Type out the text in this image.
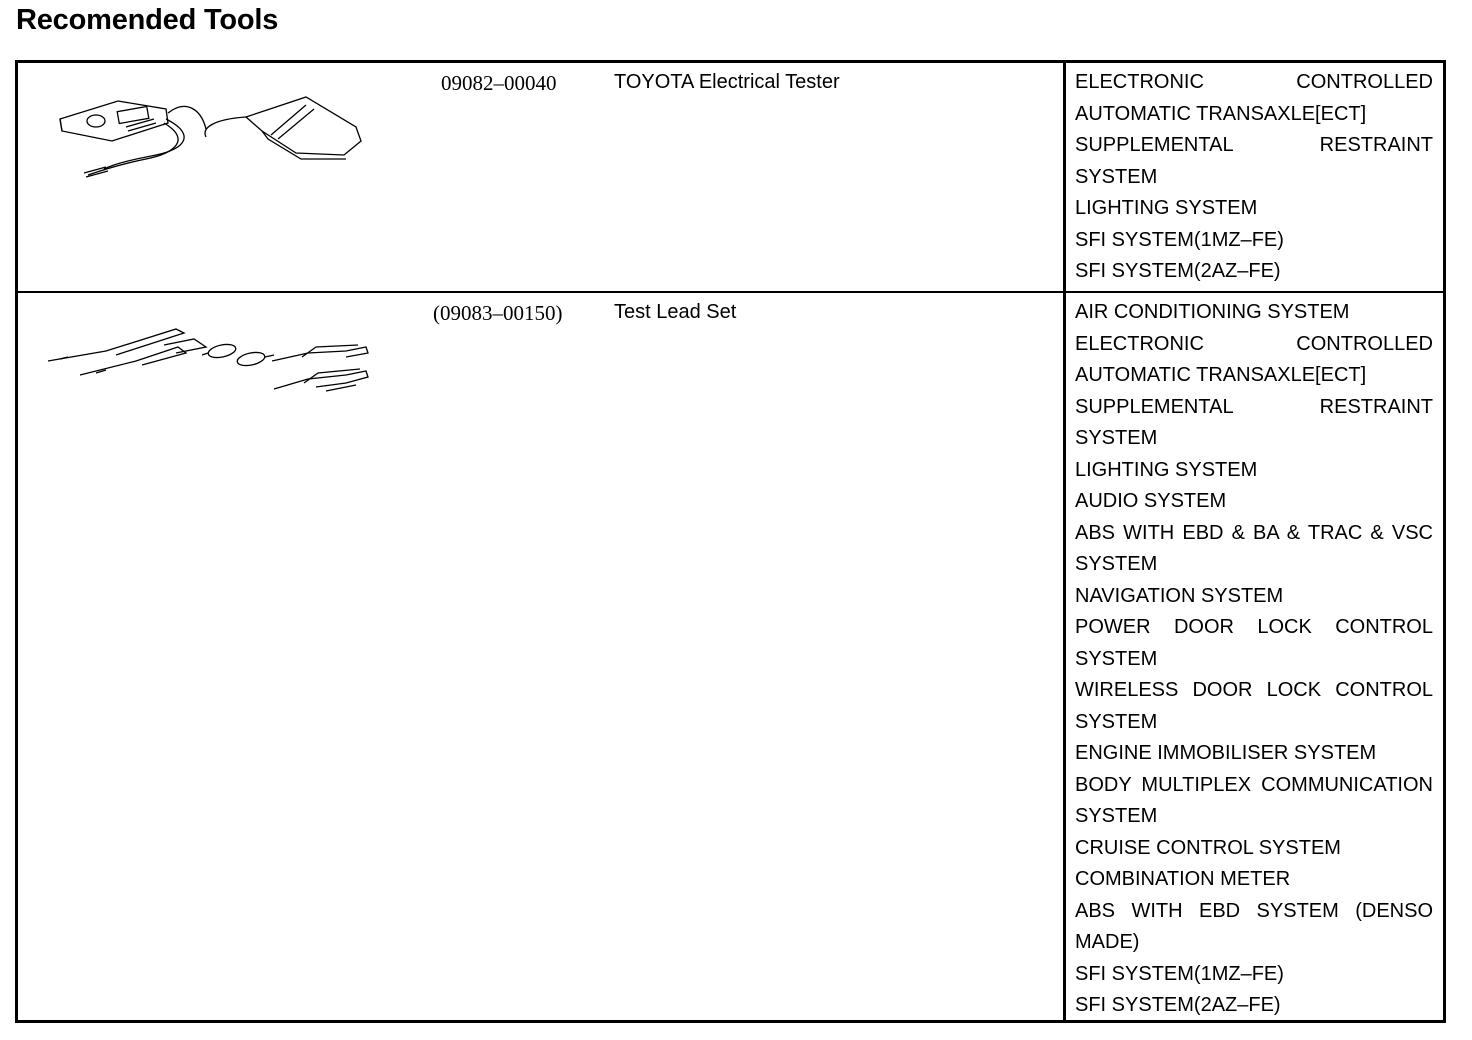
Recomended Tools
09082–00040	TOYOTA Electrical Tester	ELECTRONIC CONTROLLED AUTOMATIC TRANSAXLE[ECT]
SUPPLEMENTAL RESTRAINT SYSTEM
LIGHTING SYSTEM
SFI SYSTEM(1MZ–FE)
SFI SYSTEM(2AZ–FE)
(09083–00150)	Test Lead Set	AIR CONDITIONING SYSTEM
ELECTRONIC CONTROLLED AUTOMATIC TRANSAXLE[ECT]
SUPPLEMENTAL RESTRAINT SYSTEM
LIGHTING SYSTEM
AUDIO SYSTEM
ABS WITH EBD & BA & TRAC & VSC SYSTEM
NAVIGATION SYSTEM
POWER DOOR LOCK CONTROL SYSTEM
WIRELESS DOOR LOCK CONTROL SYSTEM
ENGINE IMMOBILISER SYSTEM
BODY MULTIPLEX COMMUNICATION SYSTEM
CRUISE CONTROL SYSTEM
COMBINATION METER
ABS WITH EBD SYSTEM (DENSO MADE)
SFI SYSTEM(1MZ–FE)
SFI SYSTEM(2AZ–FE)
